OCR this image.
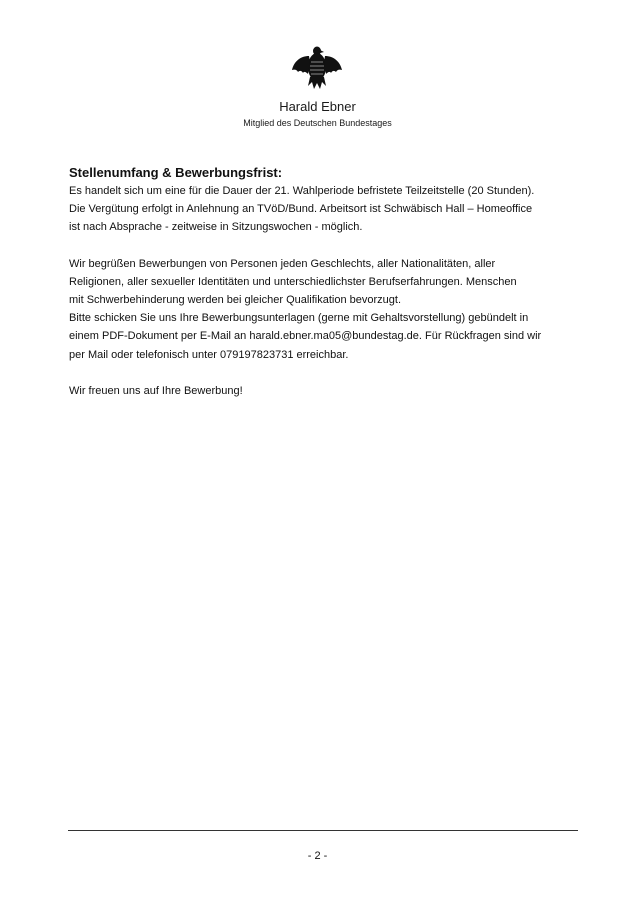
Harald Ebner
Mitglied des Deutschen Bundestages
Stellenumfang & Bewerbungsfrist:

Es handelt sich um eine für die Dauer der 21. Wahlperiode befristete Teilzeitstelle (20 Stunden).
Die Vergütung erfolgt in Anlehnung an TVöD/Bund. Arbeitsort ist Schwäbisch Hall – Homeoffice
ist nach Absprache - zeitweise in Sitzungswochen - möglich.

Wir begrüßen Bewerbungen von Personen jeden Geschlechts, aller Nationalitäten, aller
Religionen, aller sexueller Identitäten und unterschiedlichster Berufserfahrungen. Menschen
mit Schwerbehinderung werden bei gleicher Qualifikation bevorzugt.
Bitte schicken Sie uns Ihre Bewerbungsunterlagen (gerne mit Gehaltsvorstellung) gebündelt in
einem PDF-Dokument per E-Mail an harald.ebner.ma05@bundestag.de. Für Rückfragen sind wir
per Mail oder telefonisch unter 079197823731 erreichbar.

Wir freuen uns auf Ihre Bewerbung!

- 2 -
